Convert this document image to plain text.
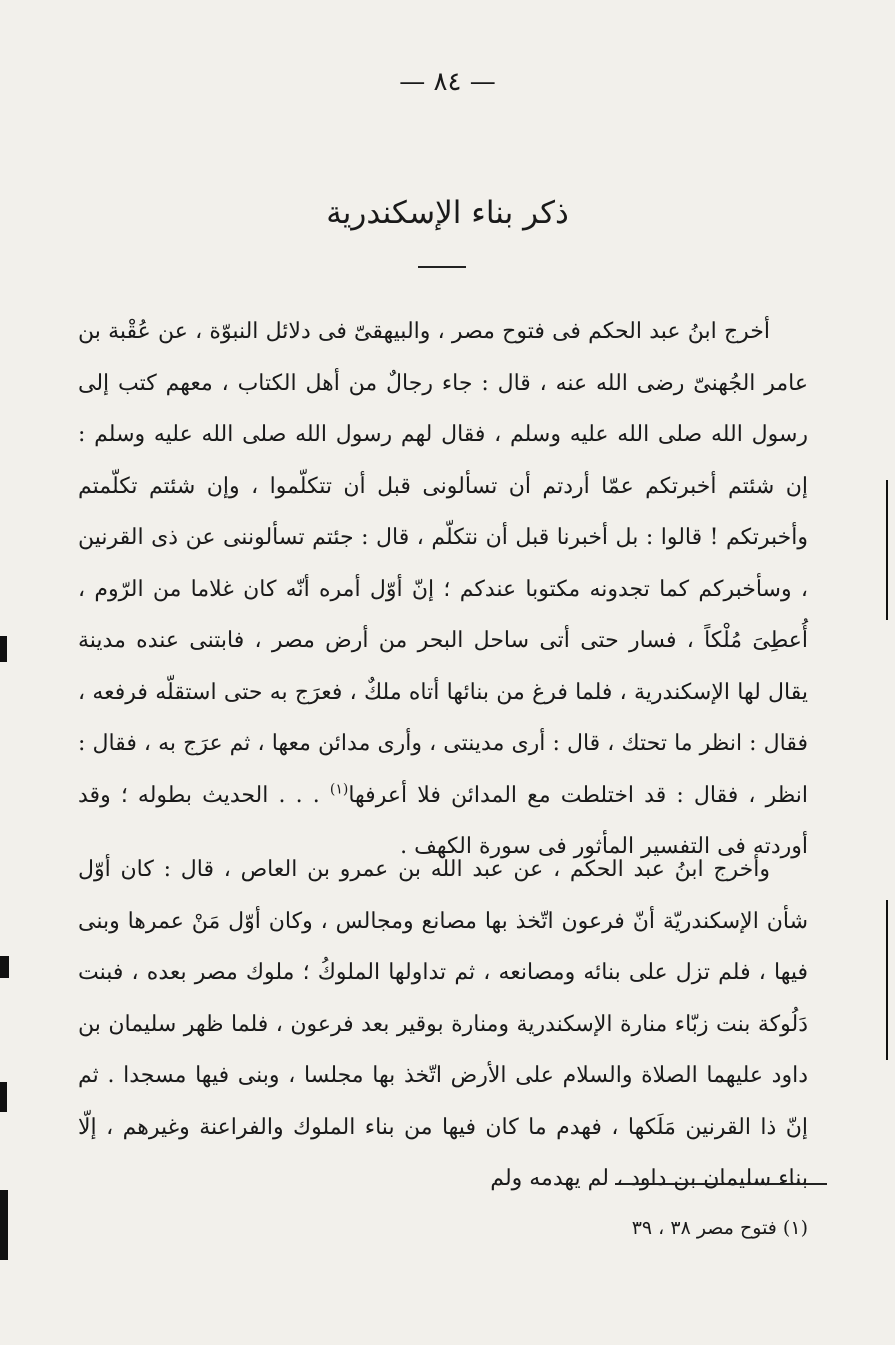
— ٨٤ —
ذكر بناء الإسكندرية

أخرج ابنُ عبد الحكم فى فتوح مصر ، والبيهقىّ فى دلائل النبوّة ، عن عُقْبة بن عامر الجُهنىّ رضى الله عنه ، قال : جاء رجالٌ من أهل الكتاب ، معهم كتب إلى رسول الله صلى الله عليه وسلم ، فقال لهم رسول الله صلى الله عليه وسلم : إن شئتم أخبرتكم عمّا أردتم أن تسألونى قبل أن تتكلّموا ، وإن شئتم تكلّمتم وأخبرتكم ! قالوا : بل أخبرنا قبل أن نتكلّم ، قال : جئتم تسألوننى عن ذى القرنين ، وسأخبركم كما تجدونه مكتوبا عندكم ؛ إنّ أوّل أمره أنّه كان غلاما من الرّوم ، أُعطِىَ مُلْكاً ، فسار حتى أتى ساحل البحر من أرض مصر ، فابتنى عنده مدينة يقال لها الإسكندرية ، فلما فرغ من بنائها أتاه ملكٌ ، فعرَج به حتى استقلّه فرفعه ، فقال : انظر ما تحتك ، قال : أرى مدينتى ، وأرى مدائن معها ، ثم عرَج به ، فقال : انظر ، فقال : قد اختلطت مع المدائن فلا أعرفها$^{(١)}$ . . . الحديث بطوله ؛ وقد أوردته فى التفسير المأثور فى سورة الكهف .

وأخرج ابنُ عبد الحكم ، عن عبد الله بن عمرو بن العاص ، قال : كان أوّل شأن الإسكندريّة أنّ فرعون اتّخذ بها مصانع ومجالس ، وكان أوّل مَنْ عمرها وبنى فيها ، فلم تزل على بنائه ومصانعه ، ثم تداولها الملوكُ ؛ ملوك مصر بعده ، فبنت دَلُوكة بنت زبّاء منارة الإسكندرية ومنارة بوقير بعد فرعون ، فلما ظهر سليمان بن داود عليهما الصلاة والسلام على الأرض اتّخذ بها مجلسا ، وبنى فيها مسجدا . ثم إنّ ذا القرنين مَلَكها ، فهدم ما كان فيها من بناء الملوك والفراعنة وغيرهم ، إلّا بناء سليمان بن داود ، لم يهدمه ولم

(١) فتوح مصر ٣٨ ، ٣٩
